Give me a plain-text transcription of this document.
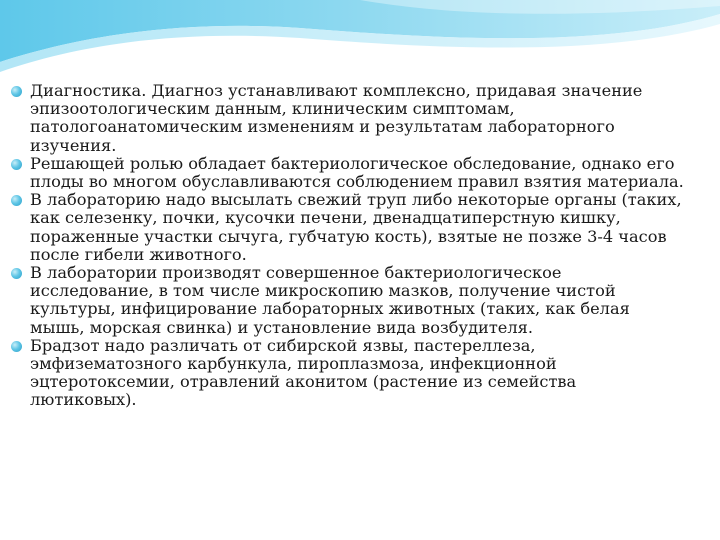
Диагностика. Диагноз устанавливают комплексно, придавая значение эпизоотологическим данным, клиническим симптомам, патологоанатомическим изменениям и результатам лабораторного изучения.
Решающей ролью обладает бактериологическое обследование, однако его плоды во многом обуславливаются соблюдением правил взятия материала.
В лабораторию надо высылать свежий труп либо некоторые органы (таких, как селезенку, почки, кусочки печени, двенадцатиперстную кишку, пораженные участки сычуга, губчатую кость), взятые не позже 3-4 часов после гибели животного.
В лаборатории производят совершенное бактериологическое исследование, в том числе микроскопию мазков, получение чистой культуры, инфицирование лабораторных животных (таких, как белая мышь, морская свинка) и установление вида возбудителя.
Брадзот надо различать от сибирской язвы, пастереллеза, эмфизематозного карбункула, пироплазмоза, инфекционной эцтеротоксемии, отравлений аконитом (растение из семейства лютиковых).
